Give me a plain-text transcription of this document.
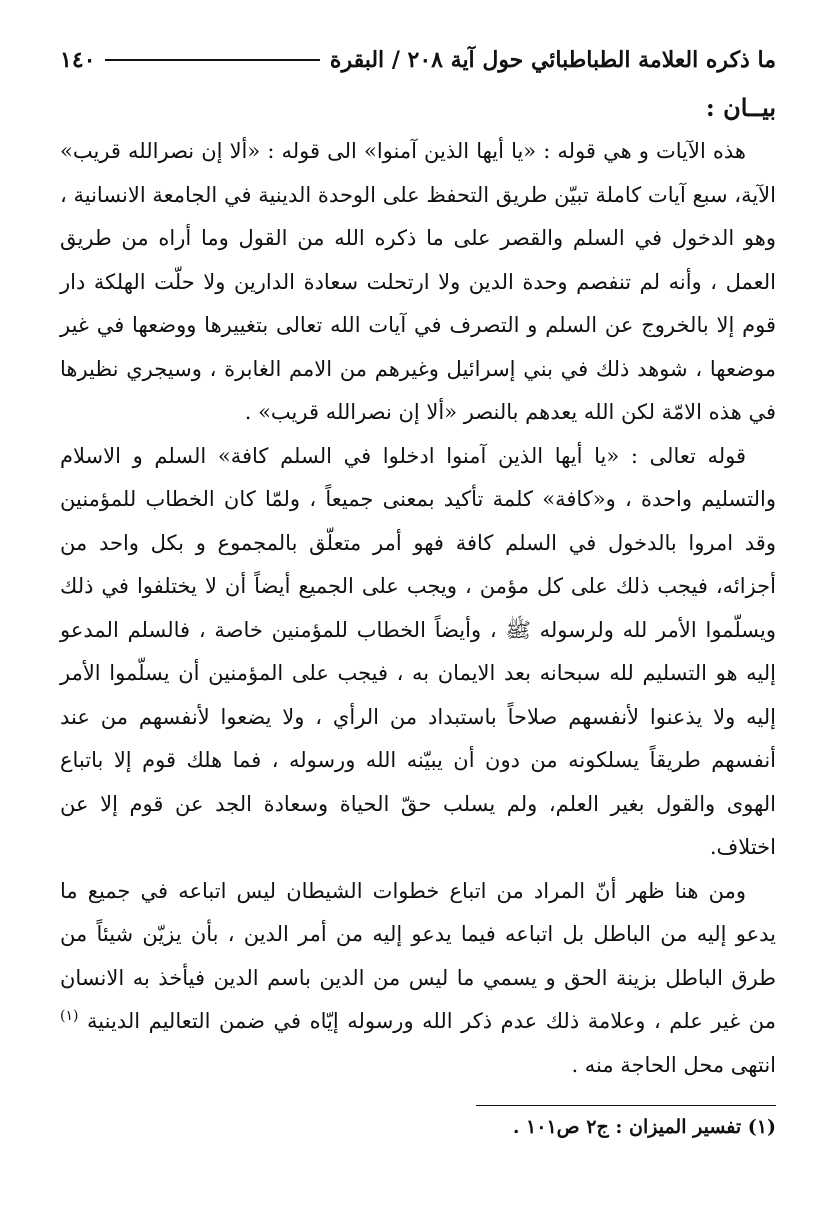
ما ذكره العلامة الطباطبائي حول آية ٢٠٨ / البقرة
١٤٠
بيــان :

هذه الآيات و هي قوله : «يا أيها الذين آمنوا» الى قوله : «ألا إن نصرالله قريب» الآية، سبع آيات كاملة تبيّن طريق التحفظ على الوحدة الدينية في الجامعة الانسانية ، وهو الدخول في السلم والقصر على ما ذكره الله من القول وما أراه من طريق العمل ، وأنه لم تنفصم وحدة الدين ولا ارتحلت سعادة الدارين ولا حلّت الهلكة دار قوم إلا بالخروج عن السلم و التصرف في آيات الله تعالى بتغييرها ووضعها في غير موضعها ، شوهد ذلك في بني إسرائيل وغيرهم من الامم الغابرة ، وسيجري نظيرها في هذه الامّة لكن الله يعدهم بالنصر «ألا إن نصرالله قريب» .

قوله تعالى : «يا أيها الذين آمنوا ادخلوا في السلم كافة» السلم و الاسلام والتسليم واحدة ، و«كافة» كلمة تأكيد بمعنى جميعاً ، ولمّا كان الخطاب للمؤمنين وقد امروا بالدخول في السلم كافة فهو أمر متعلّق بالمجموع و بكل واحد من أجزائه، فيجب ذلك على كل مؤمن ، ويجب على الجميع أيضاً أن لا يختلفوا في ذلك ويسلّموا الأمر لله ولرسوله ﷺ ، وأيضاً الخطاب للمؤمنين خاصة ، فالسلم المدعو إليه هو التسليم لله سبحانه بعد الايمان به ، فيجب على المؤمنين أن يسلّموا الأمر إليه ولا يذعنوا لأنفسهم صلاحاً باستبداد من الرأي ، ولا يضعوا لأنفسهم من عند أنفسهم طريقاً يسلكونه من دون أن يبيّنه الله ورسوله ، فما هلك قوم إلا باتباع الهوى والقول بغير العلم، ولم يسلب حقّ الحياة وسعادة الجد عن قوم إلا عن اختلاف.

ومن هنا ظهر أنّ المراد من اتباع خطوات الشيطان ليس اتباعه في جميع ما يدعو إليه من الباطل بل اتباعه فيما يدعو إليه من أمر الدين ، بأن يزيّن شيئاً من طرق الباطل بزينة الحق و يسمي ما ليس من الدين باسم الدين فيأخذ به الانسان من غير علم ، وعلامة ذلك عدم ذكر الله ورسوله إيّاه في ضمن التعاليم الدينية $^{(١)}$ انتهى محل الحاجة منه .

(١) تفسير الميزان : ج٢ ص١٠١ .
